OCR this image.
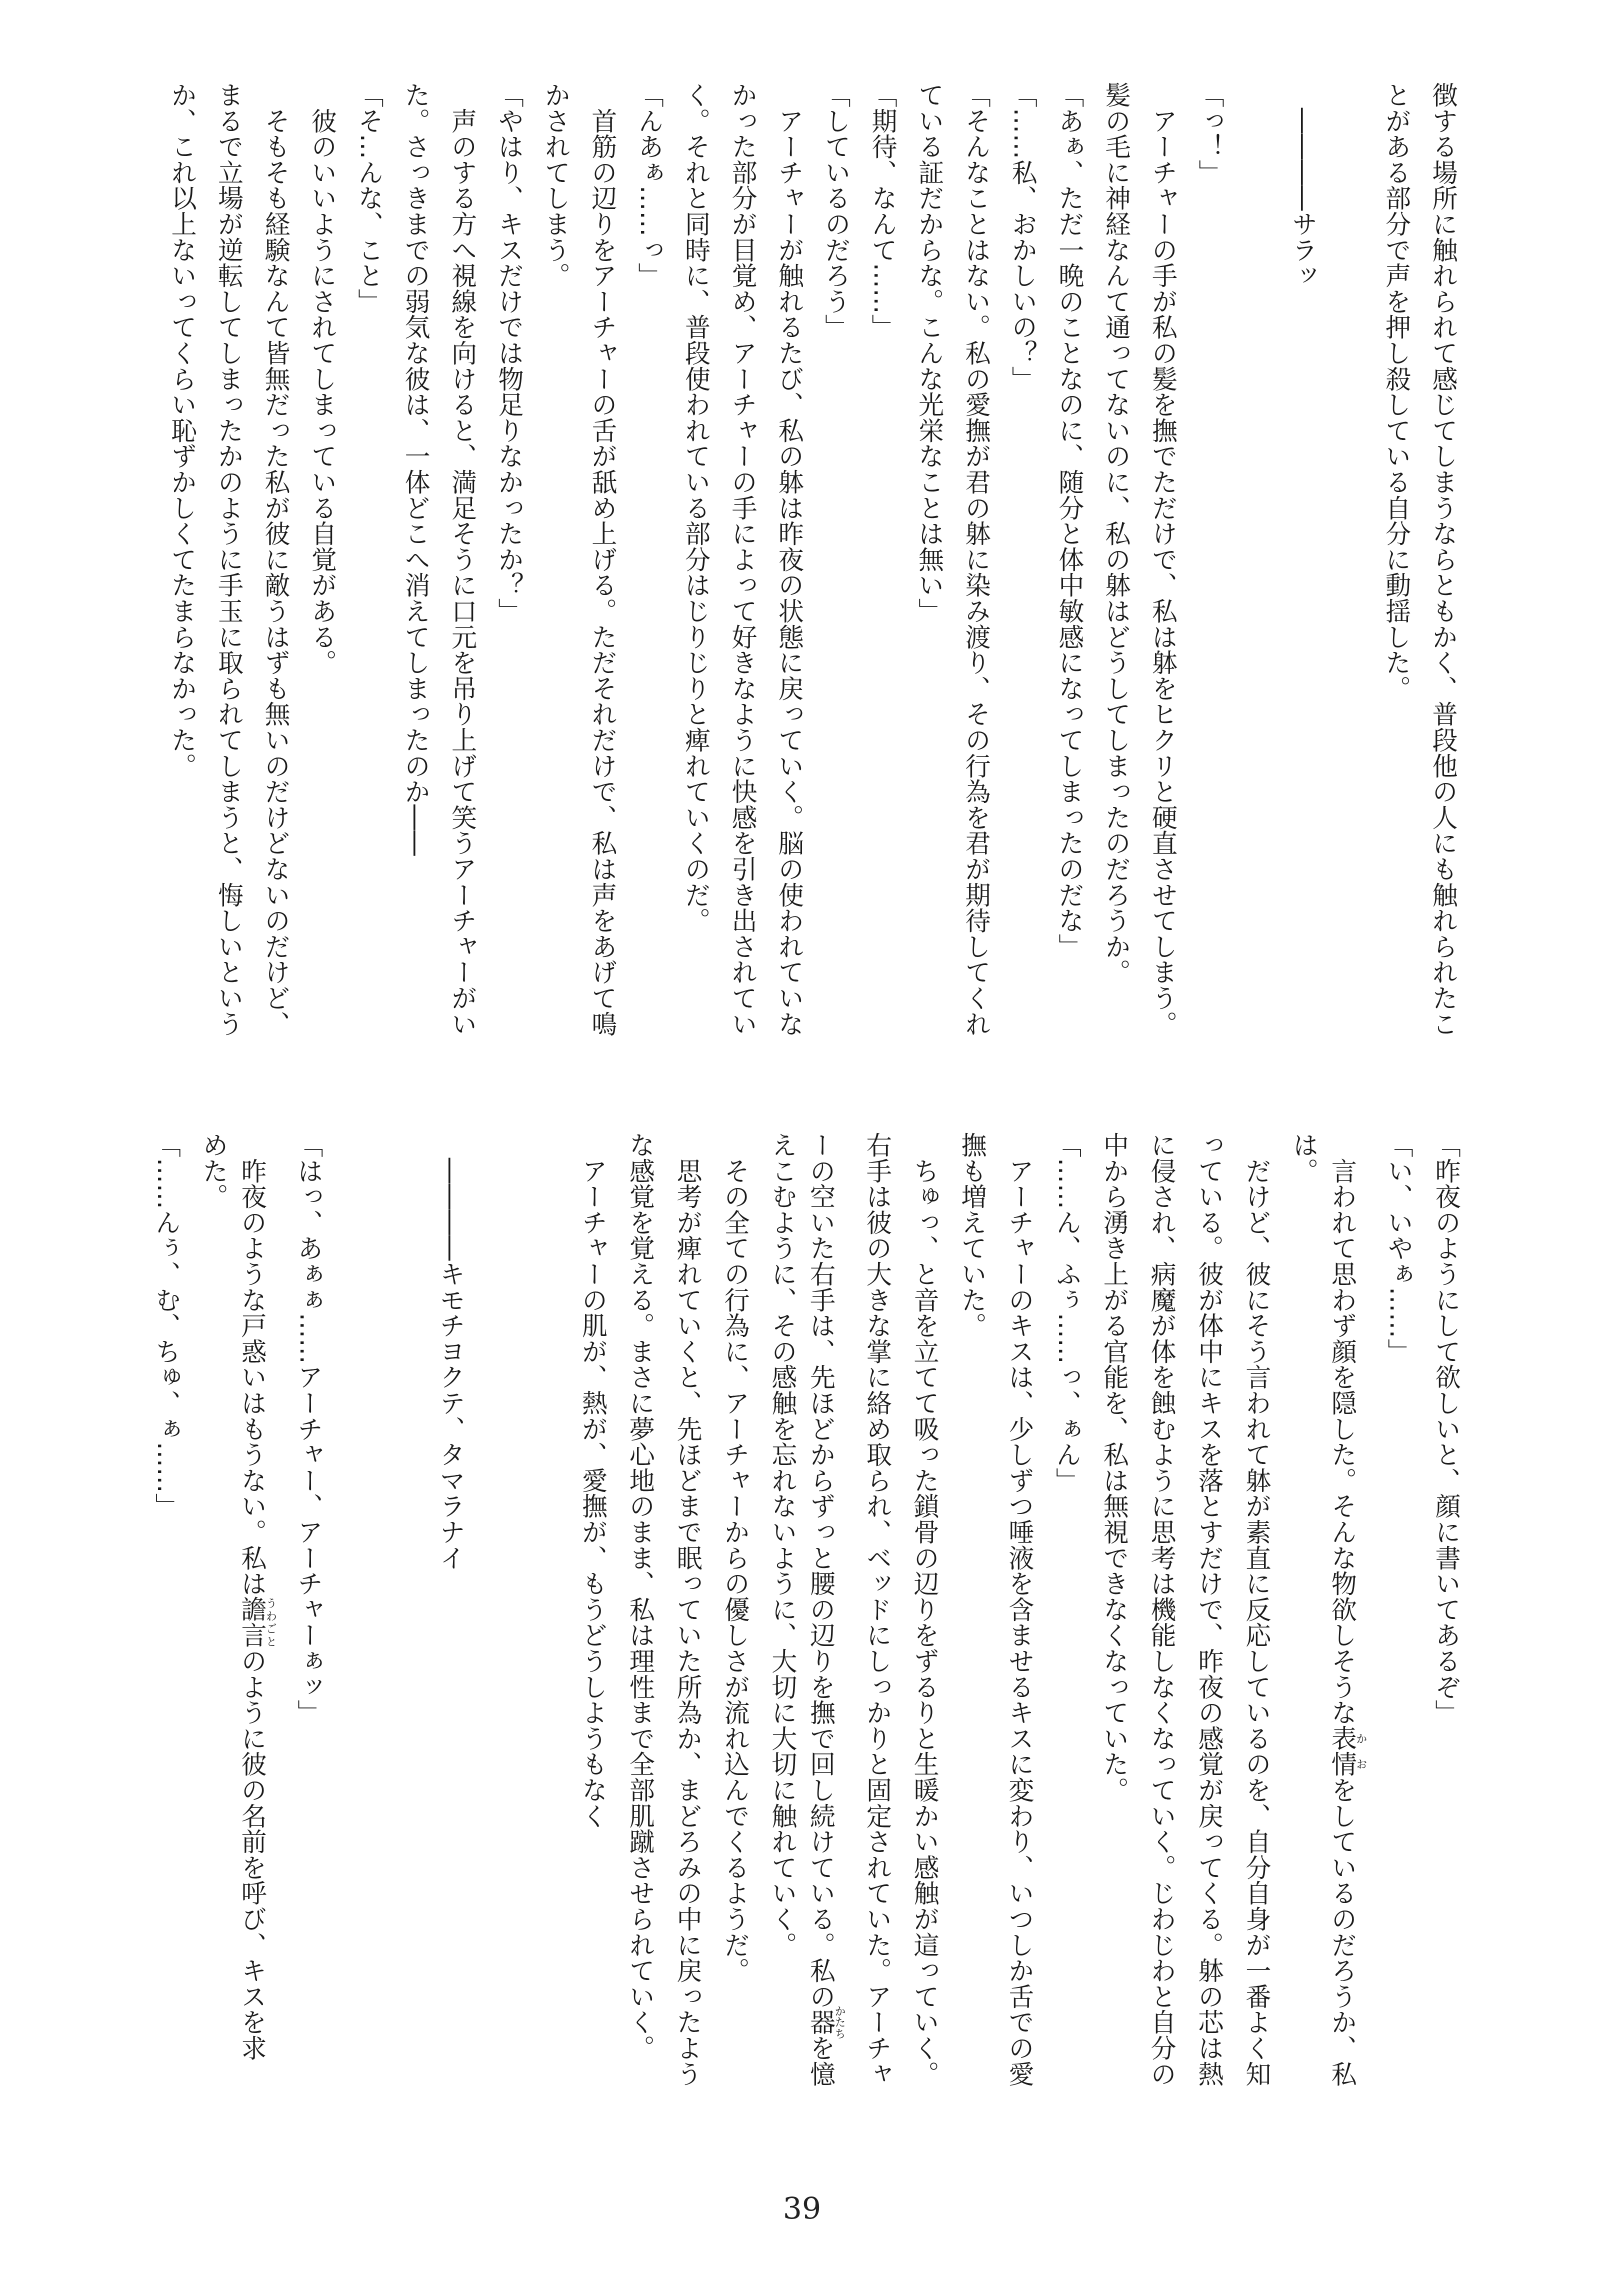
徴する場所に触れられて感じてしまうならともかく、普段他の人にも触れられたこ
とがある部分で声を押し殺している自分に動揺した。
　――――サラッ
「っ！」
　アーチャーの手が私の髪を撫でただけで、私は躰をヒクリと硬直させてしまう。
髪の毛に神経なんて通ってないのに、私の躰はどうしてしまったのだろうか。
「あぁ、ただ一晩のことなのに、随分と体中敏感になってしまったのだな」
「……私、おかしいの？」
「そんなことはない。私の愛撫が君の躰に染み渡り、その行為を君が期待してくれ
ている証だからな。こんな光栄なことは無い」
「期待、なんて……」
「しているのだろう」
　アーチャーが触れるたび、私の躰は昨夜の状態に戻っていく。脳の使われていな
かった部分が目覚め、アーチャーの手によって好きなように快感を引き出されてい
く。それと同時に、普段使われている部分はじりじりと痺れていくのだ。
「んあぁ……っ」
　首筋の辺りをアーチャーの舌が舐め上げる。ただそれだけで、私は声をあげて鳴
かされてしまう。
「やはり、キスだけでは物足りなかったか？」
　声のする方へ視線を向けると、満足そうに口元を吊り上げて笑うアーチャーがい
た。さっきまでの弱気な彼は、一体どこへ消えてしまったのか――
「そ…んな、こと」
　彼のいいようにされてしまっている自覚がある。
　そもそも経験なんて皆無だった私が彼に敵うはずも無いのだけどないのだけど、
まるで立場が逆転してしまったかのように手玉に取られてしまうと、悔しいという
か、これ以上ないってくらい恥ずかしくてたまらなかった。
「昨夜のようにして欲しいと、顔に書いてあるぞ」
「い、いやぁ……」
　言われて思わず顔を隠した。そんな物欲しそうな表情かおをしているのだろうか、私
は。
　だけど、彼にそう言われて躰が素直に反応しているのを、自分自身が一番よく知
っている。彼が体中にキスを落とすだけで、昨夜の感覚が戻ってくる。躰の芯は熱
に侵され、病魔が体を蝕むように思考は機能しなくなっていく。じわじわと自分の
中から湧き上がる官能を、私は無視できなくなっていた。
「……ん、ふぅ……っ、ぁん」
　アーチャーのキスは、少しずつ唾液を含ませるキスに変わり、いつしか舌での愛
撫も増えていた。
　ちゅっ、と音を立てて吸った鎖骨の辺りをずるりと生暖かい感触が這っていく。
右手は彼の大きな掌に絡め取られ、ベッドにしっかりと固定されていた。アーチャ
ーの空いた右手は、先ほどからずっと腰の辺りを撫で回し続けている。私の器かたちを憶
えこむように、その感触を忘れないように、大切に大切に触れていく。
　その全ての行為に、アーチャーからの優しさが流れ込んでくるようだ。
　思考が痺れていくと、先ほどまで眠っていた所為か、まどろみの中に戻ったよう
な感覚を覚える。まさに夢心地のまま、私は理性まで全部肌蹴させられていく。
　アーチャーの肌が、熱が、愛撫が、もうどうしようもなく
　――――キモチヨクテ、タマラナイ
「はっ、あぁぁ……アーチャー、アーチャーぁッ」
　昨夜のような戸惑いはもうない。私は譫言うわごとのように彼の名前を呼び、キスを求
めた。
「……んぅ、む、ちゅ、ぁ……」
39
